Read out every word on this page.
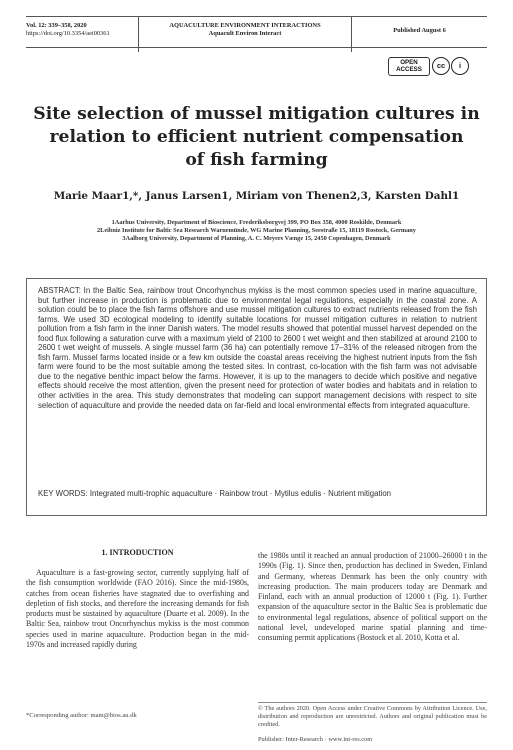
Vol. 12: 339–358, 2020
https://doi.org/10.3354/aei00361
AQUACULTURE ENVIRONMENT INTERACTIONS
Aquacult Environ Interact	Published August 6
OPEN
ACCESS	cc	i
Site selection of mussel mitigation cultures in
relation to efficient nutrient compensation
of fish farming
Marie Maar1,*, Janus Larsen1, Miriam von Thenen2,3, Karsten Dahl1
1Aarhus University, Department of Bioscience, Frederiksborgvej 399, PO Box 358, 4000 Roskilde, Denmark
2Leibniz Institute for Baltic Sea Research Warnemünde, WG Marine Planning, Seestraße 15, 18119 Rostock, Germany
3Aalborg University, Department of Planning, A. C. Meyers Vænge 15, 2450 Copenhagen, Denmark
ABSTRACT: In the Baltic Sea, rainbow trout Oncorhynchus mykiss is the most common species used in marine aquaculture, but further increase in production is problematic due to environmental legal regulations, especially in the coastal zone. A solution could be to place the fish farms offshore and use mussel mitigation cultures to extract nutrients released from the fish farms. We used 3D ecological modeling to identify suitable locations for mussel mitigation cultures in relation to nutrient pollution from a fish farm in the inner Danish waters. The model results showed that potential mussel harvest depended on the food flux following a saturation curve with a maximum yield of 2100 to 2600 t wet weight and then stabilized at around 2100 to 2600 t wet weight of mussels. A single mussel farm (36 ha) can potentially remove 17–31% of the released nitrogen from the fish farm. Mussel farms located inside or a few km outside the coastal areas receiving the highest nutrient inputs from the fish farm were found to be the most suitable among the tested sites. In contrast, co-location with the fish farm was not advisable due to the negative benthic impact below the farms. However, it is up to the managers to decide which positive and negative effects should receive the most attention, given the present need for protection of water bodies and habitats and in relation to other activities in the area. This study demonstrates that modeling can support management decisions with respect to site selection of aquaculture and provide the needed data on far-field and local environmental effects from integrated aquaculture.
KEY WORDS: Integrated multi-trophic aquaculture · Rainbow trout · Mytilus edulis · Nutrient mitigation
1. INTRODUCTION
Aquaculture is a fast-growing sector, currently supplying half of the fish consumption worldwide (FAO 2016). Since the mid-1980s, catches from ocean fisheries have stagnated due to overfishing and depletion of fish stocks, and therefore the increasing demands for fish products must be sustained by aquaculture (Duarte et al. 2009). In the Baltic Sea, rainbow trout Oncorhynchus mykiss is the most common species used in marine aquaculture. Production began in the mid-1970s and increased rapidly during
the 1980s until it reached an annual production of 21000–26000 t in the 1990s (Fig. 1). Since then, production has declined in Sweden, Finland and Germany, whereas Denmark has been the only country with increasing production. The main producers today are Denmark and Finland, each with an annual production of 12000 t (Fig. 1). Further expansion of the aquaculture sector in the Baltic Sea is problematic due to environmental legal regulations, absence of political support on the national level, undeveloped marine spatial planning and time-consuming permit applications (Bostock et al. 2010, Kotta et al.
*Corresponding author: mam@bios.au.dk
© The authors 2020. Open Access under Creative Commons by Attribution Licence. Use, distribution and reproduction are unrestricted. Authors and original publication must be credited.
Publisher: Inter-Research · www.int-res.com
